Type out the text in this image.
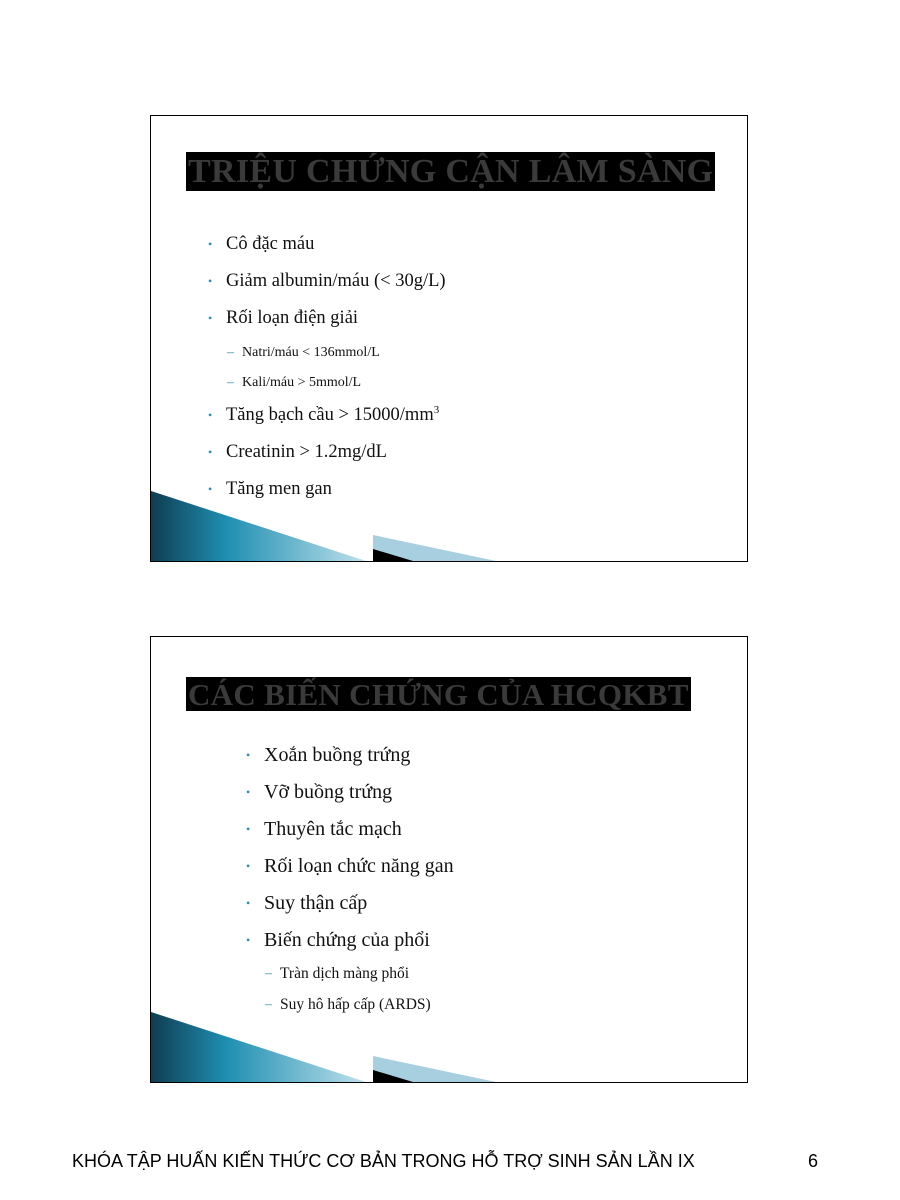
TRIỆU CHỨNG CẬN LÂM SÀNG
• Cô đặc máu
• Giảm albumin/máu (< 30g/L)
• Rối loạn điện giải
– Natri/máu < 136mmol/L
– Kali/máu > 5mmol/L
• Tăng bạch cầu > $15000/mm^3$
• Creatinin > 1.2mg/dL
• Tăng men gan
CÁC BIẾN CHỨNG CỦA HCQKBT
• Xoắn buồng trứng
• Vỡ buồng trứng
• Thuyên tắc mạch
• Rối loạn chức năng gan
• Suy thận cấp
• Biến chứng của phổi
– Tràn dịch màng phổi
– Suy hô hấp cấp (ARDS)
KHÓA TẬP HUẤN KIẾN THỨC CƠ BẢN TRONG HỖ TRỢ SINH SẢN LẦN IX	6
